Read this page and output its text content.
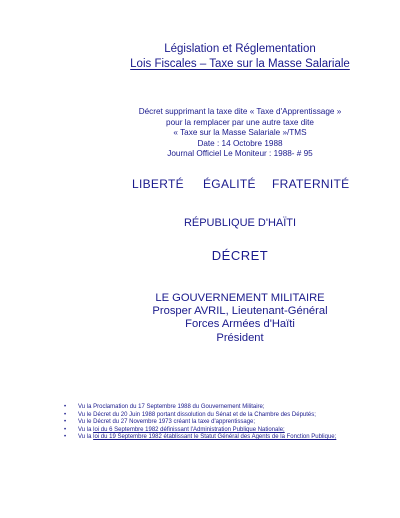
Législation et Réglementation
Lois Fiscales – Taxe sur la Masse Salariale
Décret supprimant la taxe dite « Taxe d'Apprentissage »
pour la remplacer par une autre taxe dite
« Taxe sur la Masse Salariale »/TMS
Date : 14 Octobre 1988
Journal Officiel Le Moniteur : 1988- # 95
LIBERTÉ ÉGALITÉ FRATERNITÉ
RÉPUBLIQUE D'HAÏTI
DÉCRET
LE GOUVERNEMENT MILITAIRE
Prosper AVRIL, Lieutenant-Général
Forces Armées d'Haïti
Président
• Vu la Proclamation du 17 Septembre 1988 du Gouvernement Militaire;
• Vu le Décret du 20 Juin 1988 portant dissolution du Sénat et de la Chambre des Députés;
• Vu le Décret du 27 Novembre 1973 créant la taxe d'apprentissage;
• Vu la loi du 6 Septembre 1982 définissant l'Administration Publique Nationale;
• Vu la loi du 19 Septembre 1982 établissant le Statut Général des Agents de la Fonction Publique;
